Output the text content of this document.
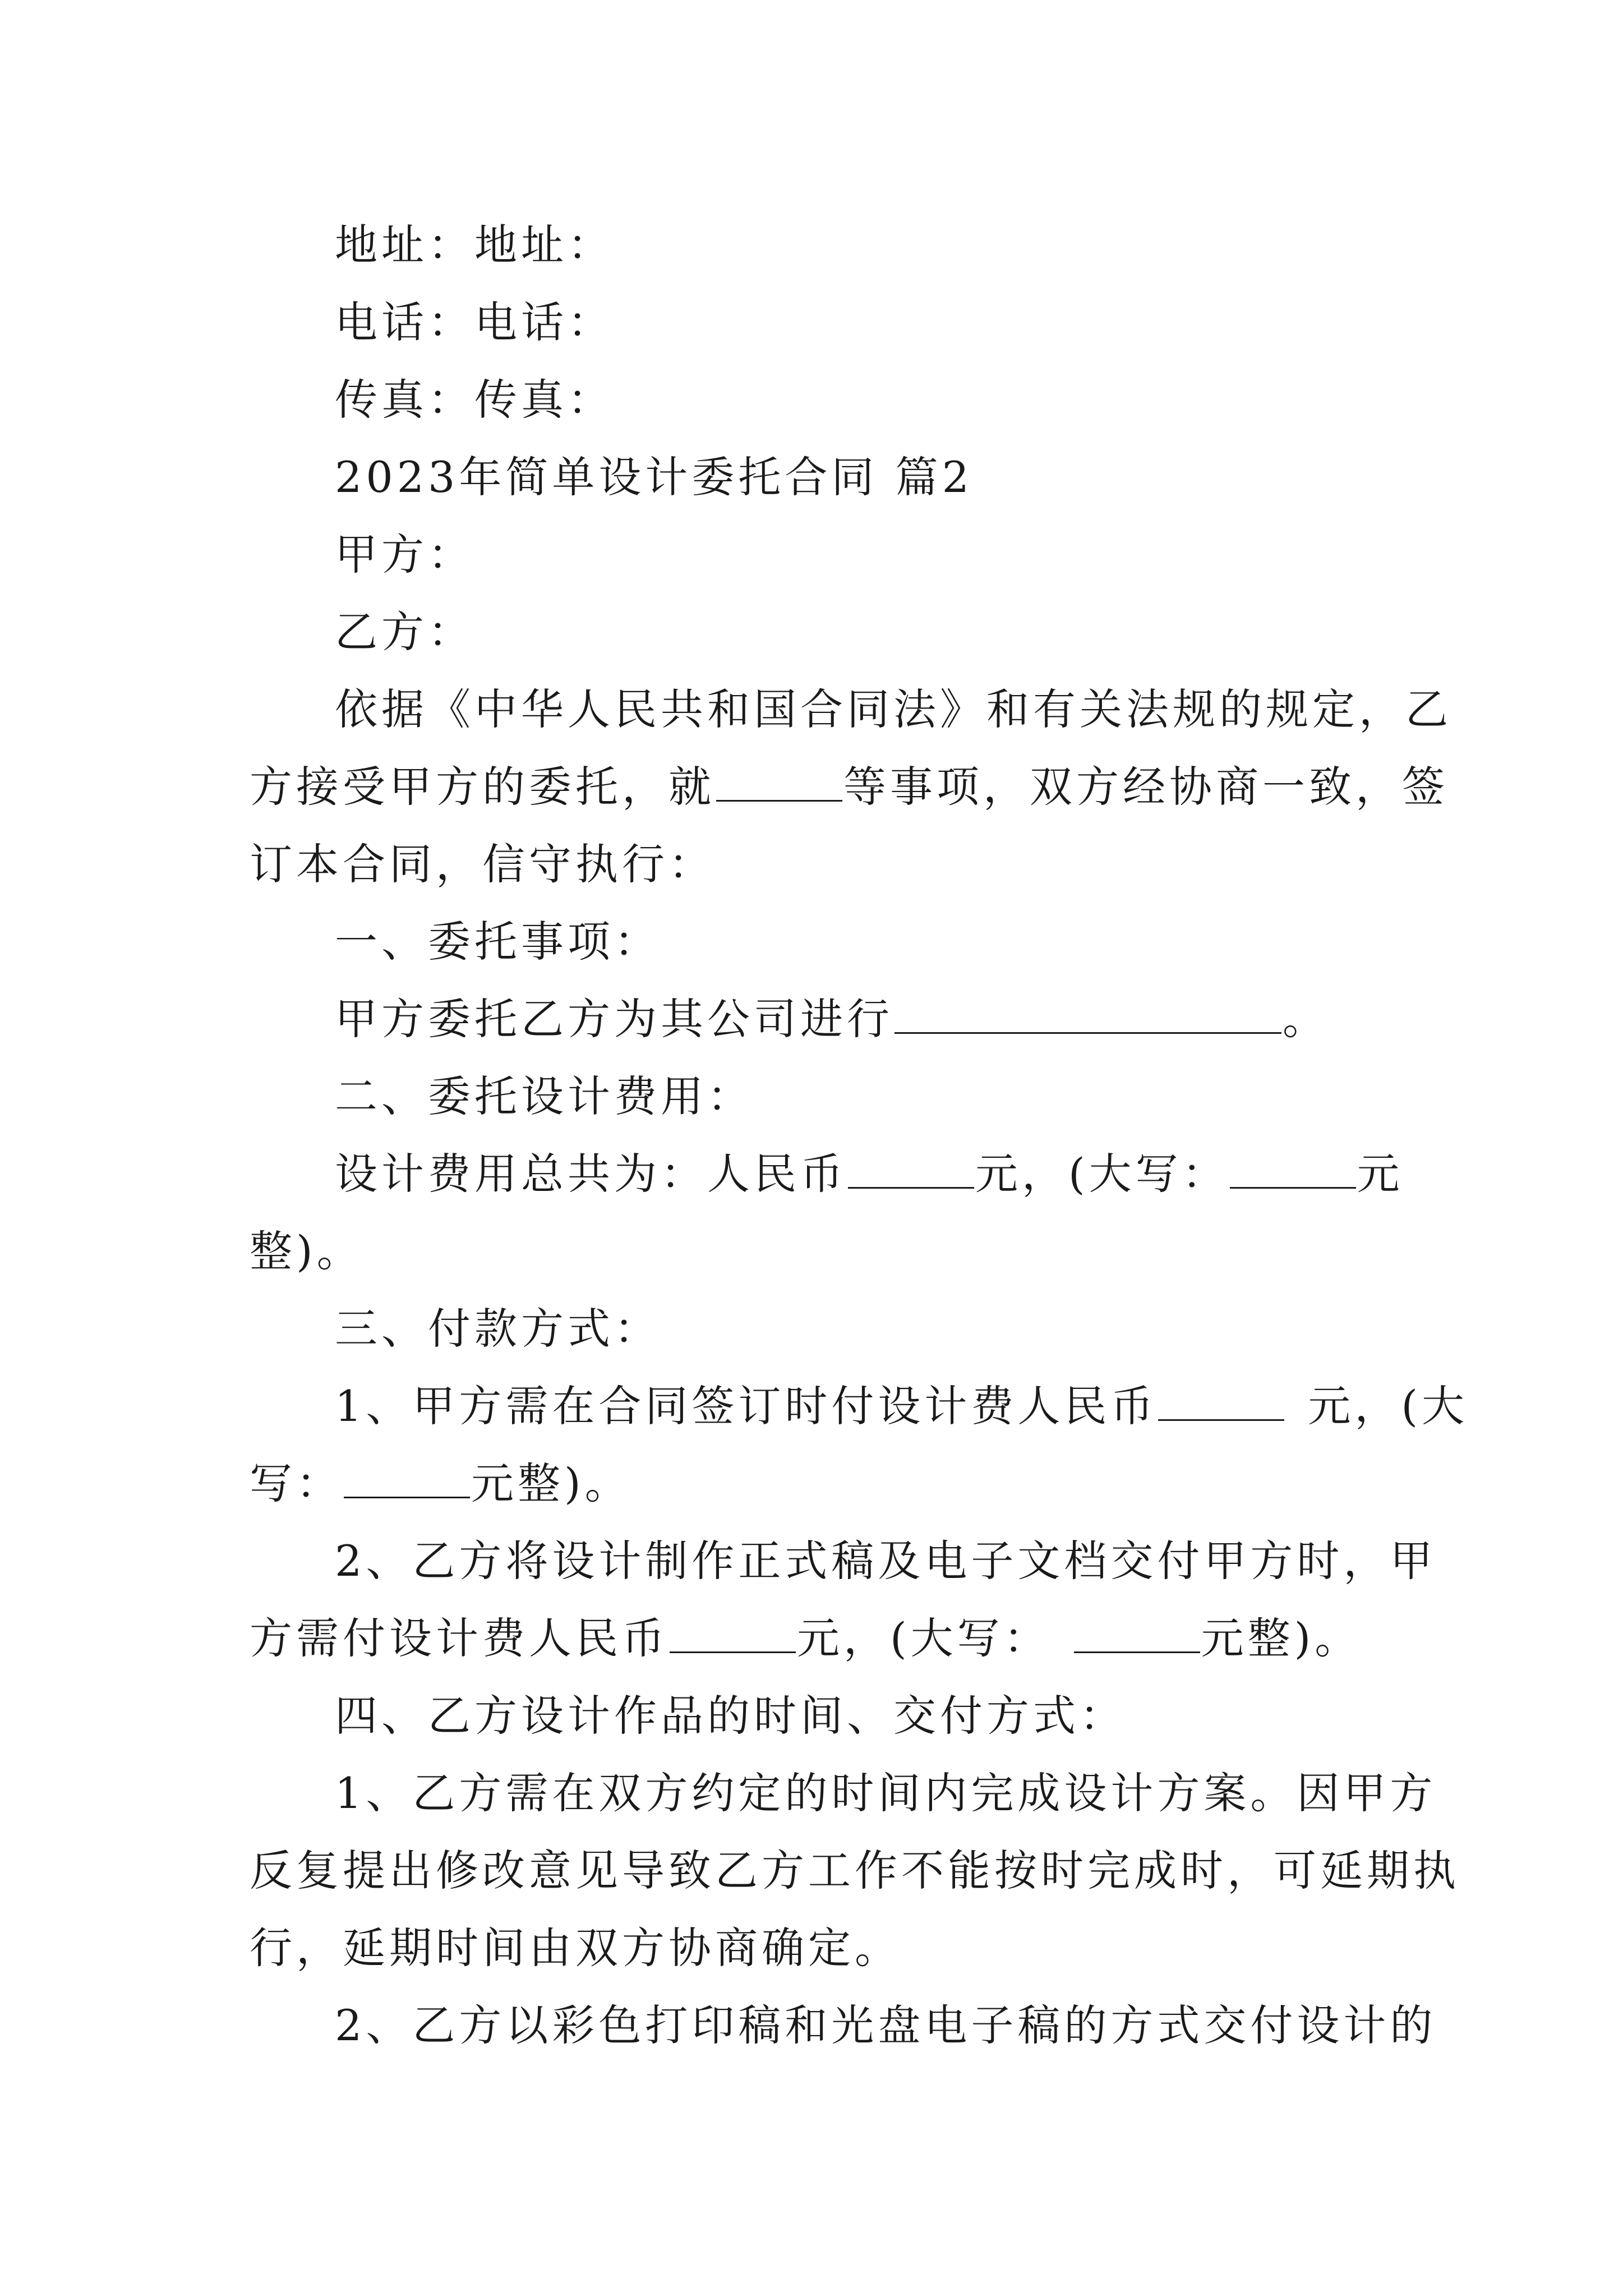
地址：地址：
电话：电话：
传真：传真：
2023年简单设计委托合同 篇2
甲方：
乙方：
依据《中华人民共和国合同法》和有关法规的规定，乙
方接受甲方的委托，就	等事项，双方经协商一致，签
订本合同，信守执行：
一、委托事项：
甲方委托乙方为其公司进行	。
二、委托设计费用：
设计费用总共为：人民币	元，(大写：	元
整)。
三、付款方式：
1、甲方需在合同签订时付设计费人民币	元，(大
写：	元整)。
2、乙方将设计制作正式稿及电子文档交付甲方时，甲
方需付设计费人民币	元，(大写：	元整)。
四、乙方设计作品的时间、交付方式：
1、乙方需在双方约定的时间内完成设计方案。因甲方
反复提出修改意见导致乙方工作不能按时完成时，可延期执
行，延期时间由双方协商确定。
2、乙方以彩色打印稿和光盘电子稿的方式交付设计的
